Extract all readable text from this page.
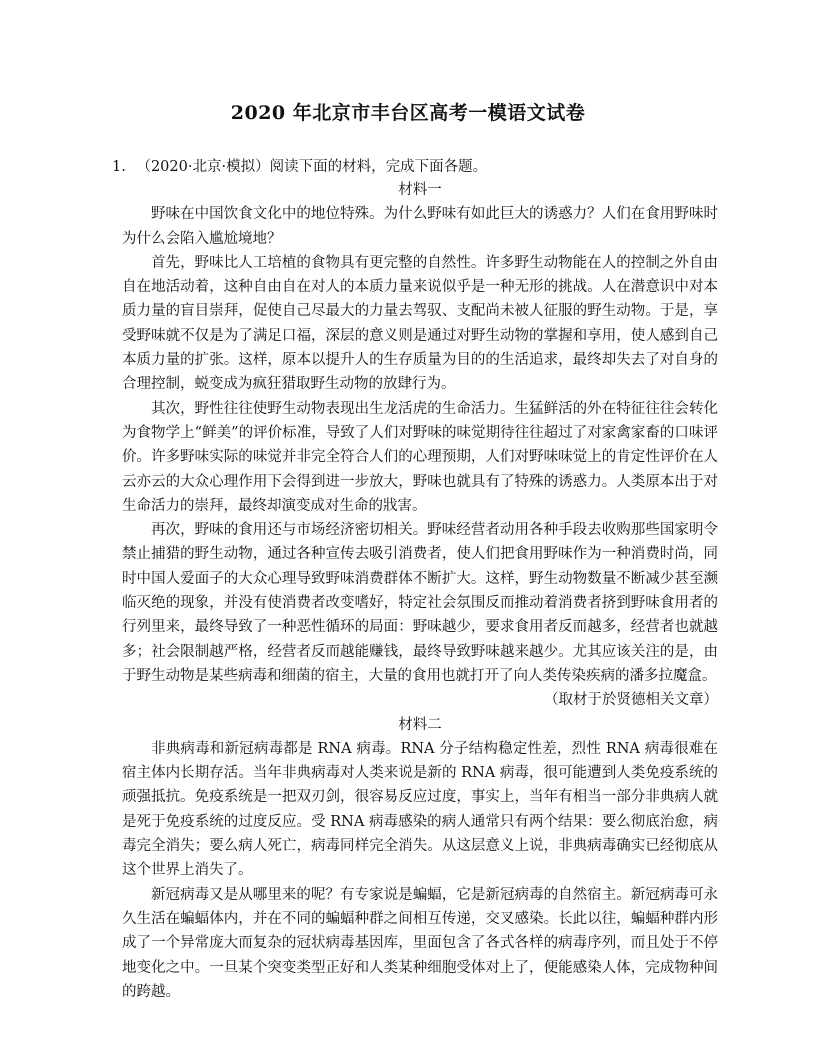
2020 年北京市丰台区高考一模语文试卷
1. （2020·北京·模拟）阅读下面的材料，完成下面各题。
材料一

野味在中国饮食文化中的地位特殊。为什么野味有如此巨大的诱惑力？人们在食用野味时为什么会陷入尴尬境地？

首先，野味比人工培植的食物具有更完整的自然性。许多野生动物能在人的控制之外自由自在地活动着，这种自由自在对人的本质力量来说似乎是一种无形的挑战。人在潜意识中对本质力量的盲目崇拜，促使自己尽最大的力量去驾驭、支配尚未被人征服的野生动物。于是，享受野味就不仅是为了满足口福，深层的意义则是通过对野生动物的掌握和享用，使人感到自己本质力量的扩张。这样，原本以提升人的生存质量为目的的生活追求，最终却失去了对自身的合理控制，蜕变成为疯狂猎取野生动物的放肆行为。

其次，野性往往使野生动物表现出生龙活虎的生命活力。生猛鲜活的外在特征往往会转化为食物学上“鲜美”的评价标准，导致了人们对野味的味觉期待往往超过了对家禽家畜的口味评价。许多野味实际的味觉并非完全符合人们的心理预期，人们对野味味觉上的肯定性评价在人云亦云的大众心理作用下会得到进一步放大，野味也就具有了特殊的诱惑力。人类原本出于对生命活力的崇拜，最终却演变成对生命的戕害。

再次，野味的食用还与市场经济密切相关。野味经营者动用各种手段去收购那些国家明令禁止捕猎的野生动物，通过各种宣传去吸引消费者，使人们把食用野味作为一种消费时尚，同时中国人爱面子的大众心理导致野味消费群体不断扩大。这样，野生动物数量不断减少甚至濒临灭绝的现象，并没有使消费者改变嗜好，特定社会氛围反而推动着消费者挤到野味食用者的行列里来，最终导致了一种恶性循环的局面：野味越少，要求食用者反而越多，经营者也就越多；社会限制越严格，经营者反而越能赚钱，最终导致野味越来越少。尤其应该关注的是，由于野生动物是某些病毒和细菌的宿主，大量的食用也就打开了向人类传染疾病的潘多拉魔盒。

（取材于於贤德相关文章）
材料二

非典病毒和新冠病毒都是 RNA 病毒。RNA 分子结构稳定性差，烈性 RNA 病毒很难在宿主体内长期存活。当年非典病毒对人类来说是新的 RNA 病毒，很可能遭到人类免疫系统的顽强抵抗。免疫系统是一把双刃剑，很容易反应过度，事实上，当年有相当一部分非典病人就是死于免疫系统的过度反应。受 RNA 病毒感染的病人通常只有两个结果：要么彻底治愈，病毒完全消失；要么病人死亡，病毒同样完全消失。从这层意义上说，非典病毒确实已经彻底从这个世界上消失了。

新冠病毒又是从哪里来的呢？有专家说是蝙蝠，它是新冠病毒的自然宿主。新冠病毒可永久生活在蝙蝠体内，并在不同的蝙蝠种群之间相互传递，交叉感染。长此以往，蝙蝠种群内形成了一个异常庞大而复杂的冠状病毒基因库，里面包含了各式各样的病毒序列，而且处于不停地变化之中。一旦某个突变类型正好和人类某种细胞受体对上了，便能感染人体，完成物种间的跨越。
